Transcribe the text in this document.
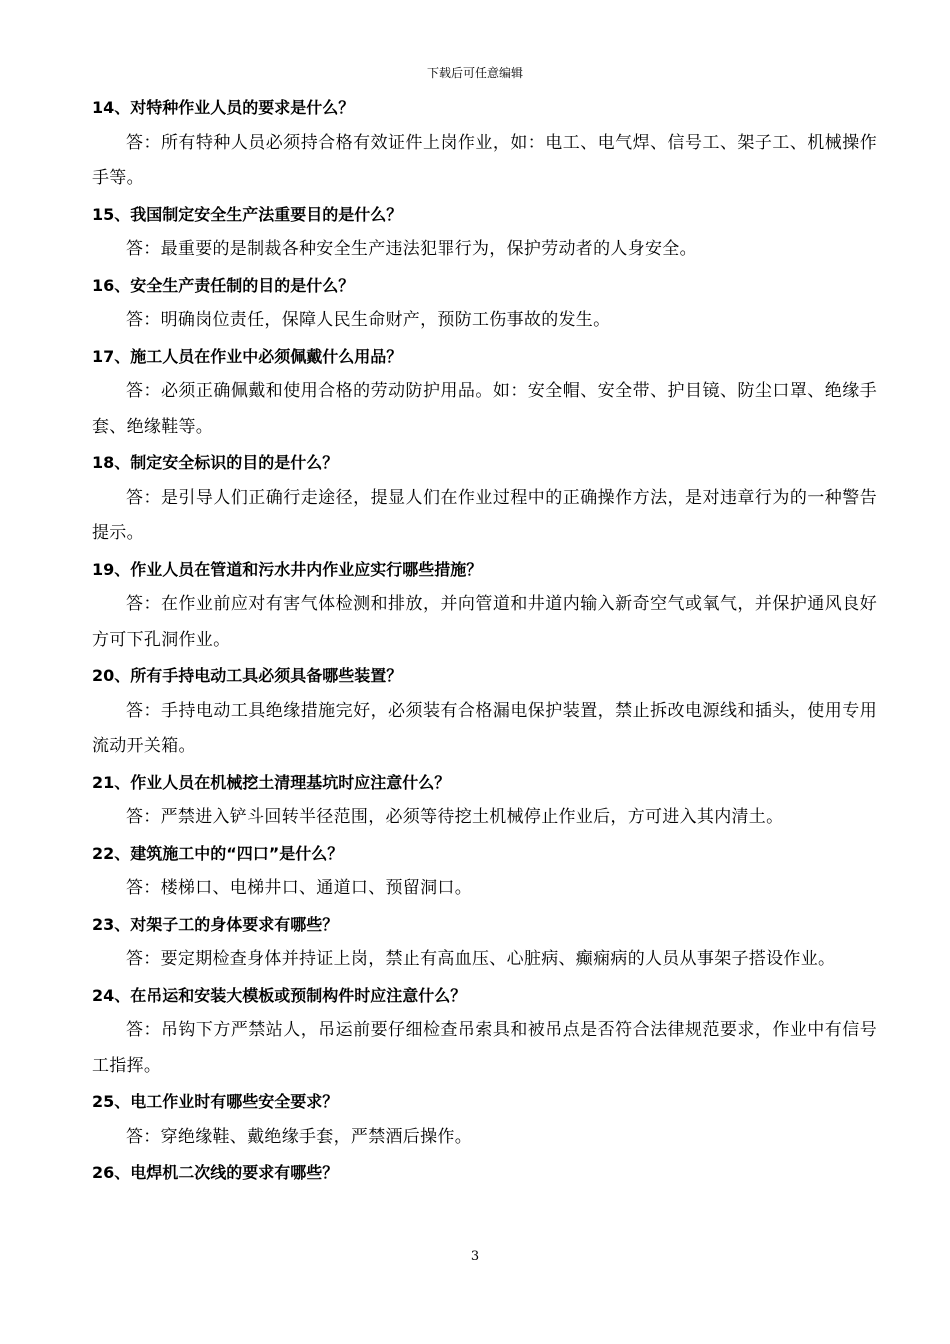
下载后可任意编辑
14、对特种作业人员的要求是什么？
答：所有特种人员必须持合格有效证件上岗作业，如：电工、电气焊、信号工、架子工、机械操作手等。
15、我国制定安全生产法重要目的是什么？
答：最重要的是制裁各种安全生产违法犯罪行为，保护劳动者的人身安全。
16、安全生产责任制的目的是什么？
答：明确岗位责任，保障人民生命财产，预防工伤事故的发生。
17、施工人员在作业中必须佩戴什么用品？
答：必须正确佩戴和使用合格的劳动防护用品。如：安全帽、安全带、护目镜、防尘口罩、绝缘手套、绝缘鞋等。
18、制定安全标识的目的是什么？
答：是引导人们正确行走途径，提显人们在作业过程中的正确操作方法，是对违章行为的一种警告提示。
19、作业人员在管道和污水井内作业应实行哪些措施？
答：在作业前应对有害气体检测和排放，并向管道和井道内输入新奇空气或氧气，并保护通风良好方可下孔洞作业。
20、所有手持电动工具必须具备哪些装置？
答：手持电动工具绝缘措施完好，必须装有合格漏电保护装置，禁止拆改电源线和插头，使用专用流动开关箱。
21、作业人员在机械挖土清理基坑时应注意什么？
答：严禁进入铲斗回转半径范围，必须等待挖土机械停止作业后，方可进入其内清土。
22、建筑施工中的“四口”是什么？
答：楼梯口、电梯井口、通道口、预留洞口。
23、对架子工的身体要求有哪些？
答：要定期检查身体并持证上岗，禁止有高血压、心脏病、癫痫病的人员从事架子搭设作业。
24、在吊运和安装大模板或预制构件时应注意什么？
答：吊钩下方严禁站人，吊运前要仔细检查吊索具和被吊点是否符合法律规范要求，作业中有信号工指挥。
25、电工作业时有哪些安全要求？
答：穿绝缘鞋、戴绝缘手套，严禁酒后操作。
26、电焊机二次线的要求有哪些？
3
